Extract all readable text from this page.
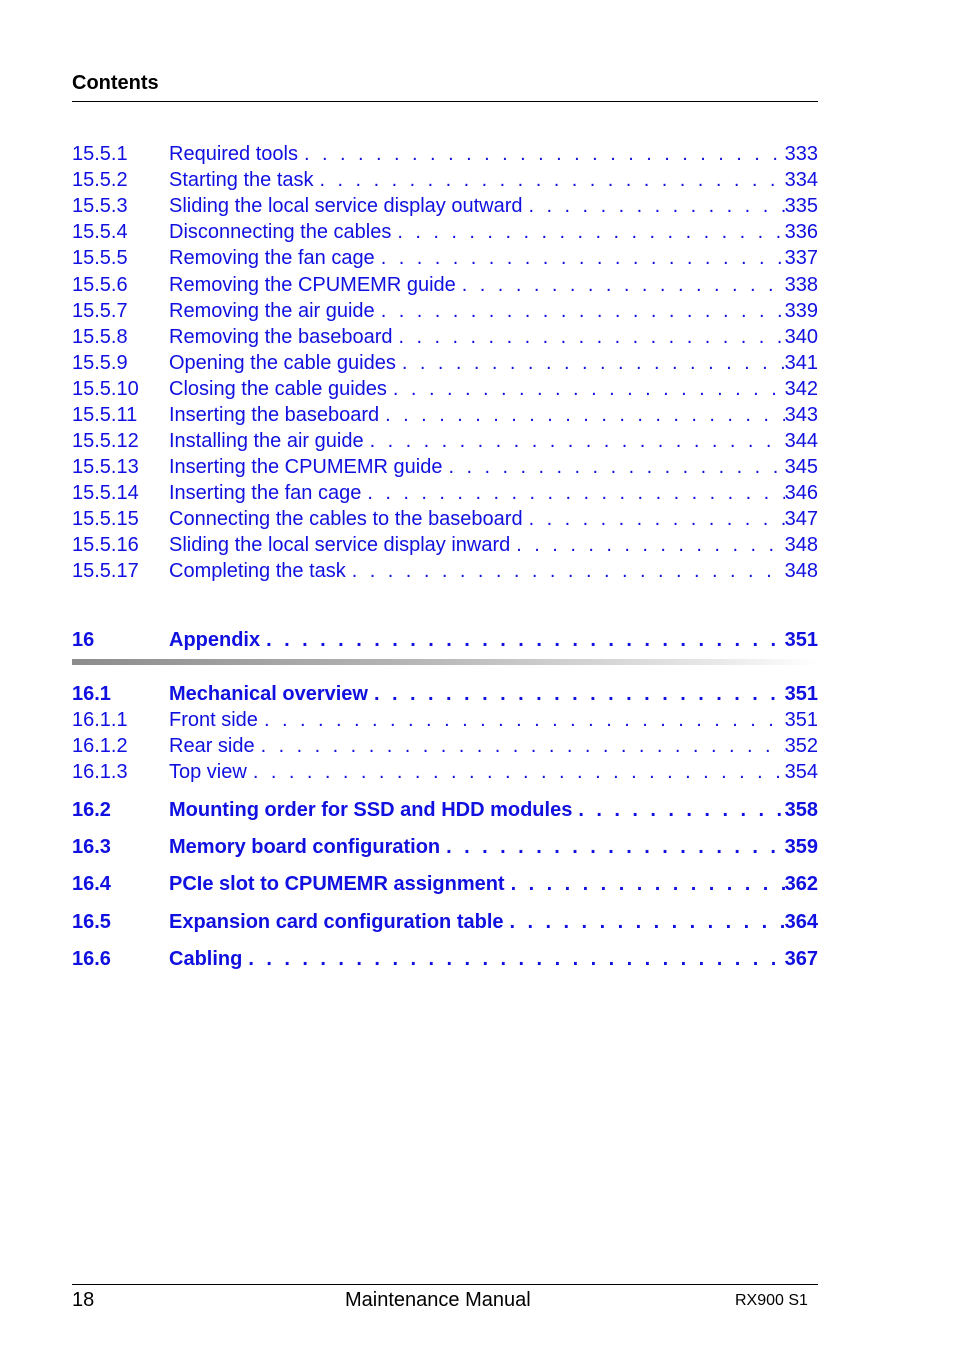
Contents
18	Maintenance Manual	RX900 S1
15.5.1	Required tools . . .	333
15.5.2	Starting the task . . .	334
15.5.3	Sliding the local service display outward . . .	335
15.5.4	Disconnecting the cables . . .	336
15.5.5	Removing the fan cage . . .	337
15.5.6	Removing the CPUMEMR guide . . .	338
15.5.7	Removing the air guide . . .	339
15.5.8	Removing the baseboard . . .	340
15.5.9	Opening the cable guides . . .	341
15.5.10	Closing the cable guides . . .	342
15.5.11	Inserting the baseboard . . .	343
15.5.12	Installing the air guide . . .	344
15.5.13	Inserting the CPUMEMR guide . . .	345
15.5.14	Inserting the fan cage . . .	346
15.5.15	Connecting the cables to the baseboard . . .	347
15.5.16	Sliding the local service display inward . . .	348
15.5.17	Completing the task . . .	348
16	Appendix . . .	351
16.1	Mechanical overview . . .	351
16.1.1	Front side . . .	351
16.1.2	Rear side . . .	352
16.1.3	Top view . . .	354
16.2	Mounting order for SSD and HDD modules . . .	358
16.3	Memory board configuration . . .	359
16.4	PCIe slot to CPUMEMR assignment . . .	362
16.5	Expansion card configuration table . . .	364
16.6	Cabling . . .	367
